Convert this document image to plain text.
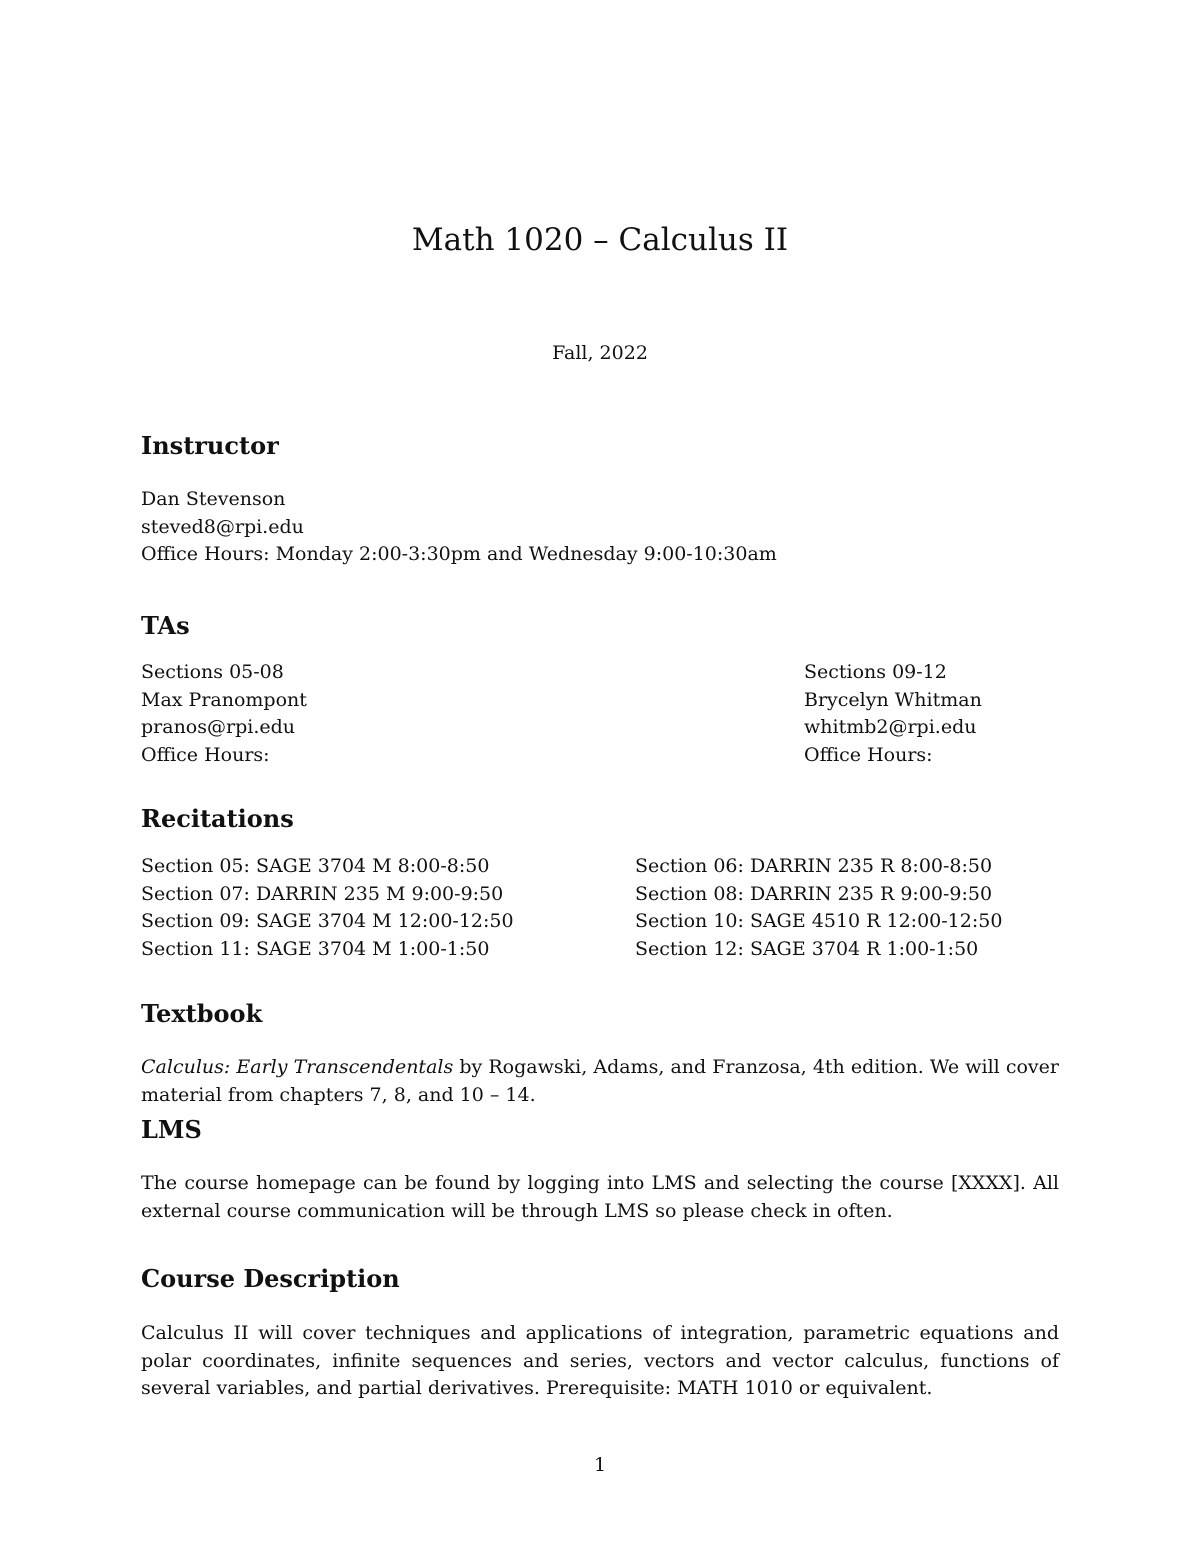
Math 1020 – Calculus II
Fall, 2022
Instructor
Dan Stevenson
steved8@rpi.edu
Office Hours: Monday 2:00-3:30pm and Wednesday 9:00-10:30am
TAs
Sections 05-08
Max Pranompont
pranos@rpi.edu
Office Hours:
Sections 09-12
Brycelyn Whitman
whitmb2@rpi.edu
Office Hours:
Recitations
Section 05: SAGE 3704 M 8:00-8:50
Section 07: DARRIN 235 M 9:00-9:50
Section 09: SAGE 3704 M 12:00-12:50
Section 11: SAGE 3704 M 1:00-1:50
Section 06: DARRIN 235 R 8:00-8:50
Section 08: DARRIN 235 R 9:00-9:50
Section 10: SAGE 4510 R 12:00-12:50
Section 12: SAGE 3704 R 1:00-1:50
Textbook

Calculus: Early Transcendentals by Rogawski, Adams, and Franzosa, 4th edition. We will cover material from chapters 7, 8, and 10 – 14.

LMS

The course homepage can be found by logging into LMS and selecting the course [XXXX]. All external course communication will be through LMS so please check in often.

Course Description

Calculus II will cover techniques and applications of integration, parametric equations and polar coordinates, infinite sequences and series, vectors and vector calculus, functions of several variables, and partial derivatives. Prerequisite: MATH 1010 or equivalent.

1
